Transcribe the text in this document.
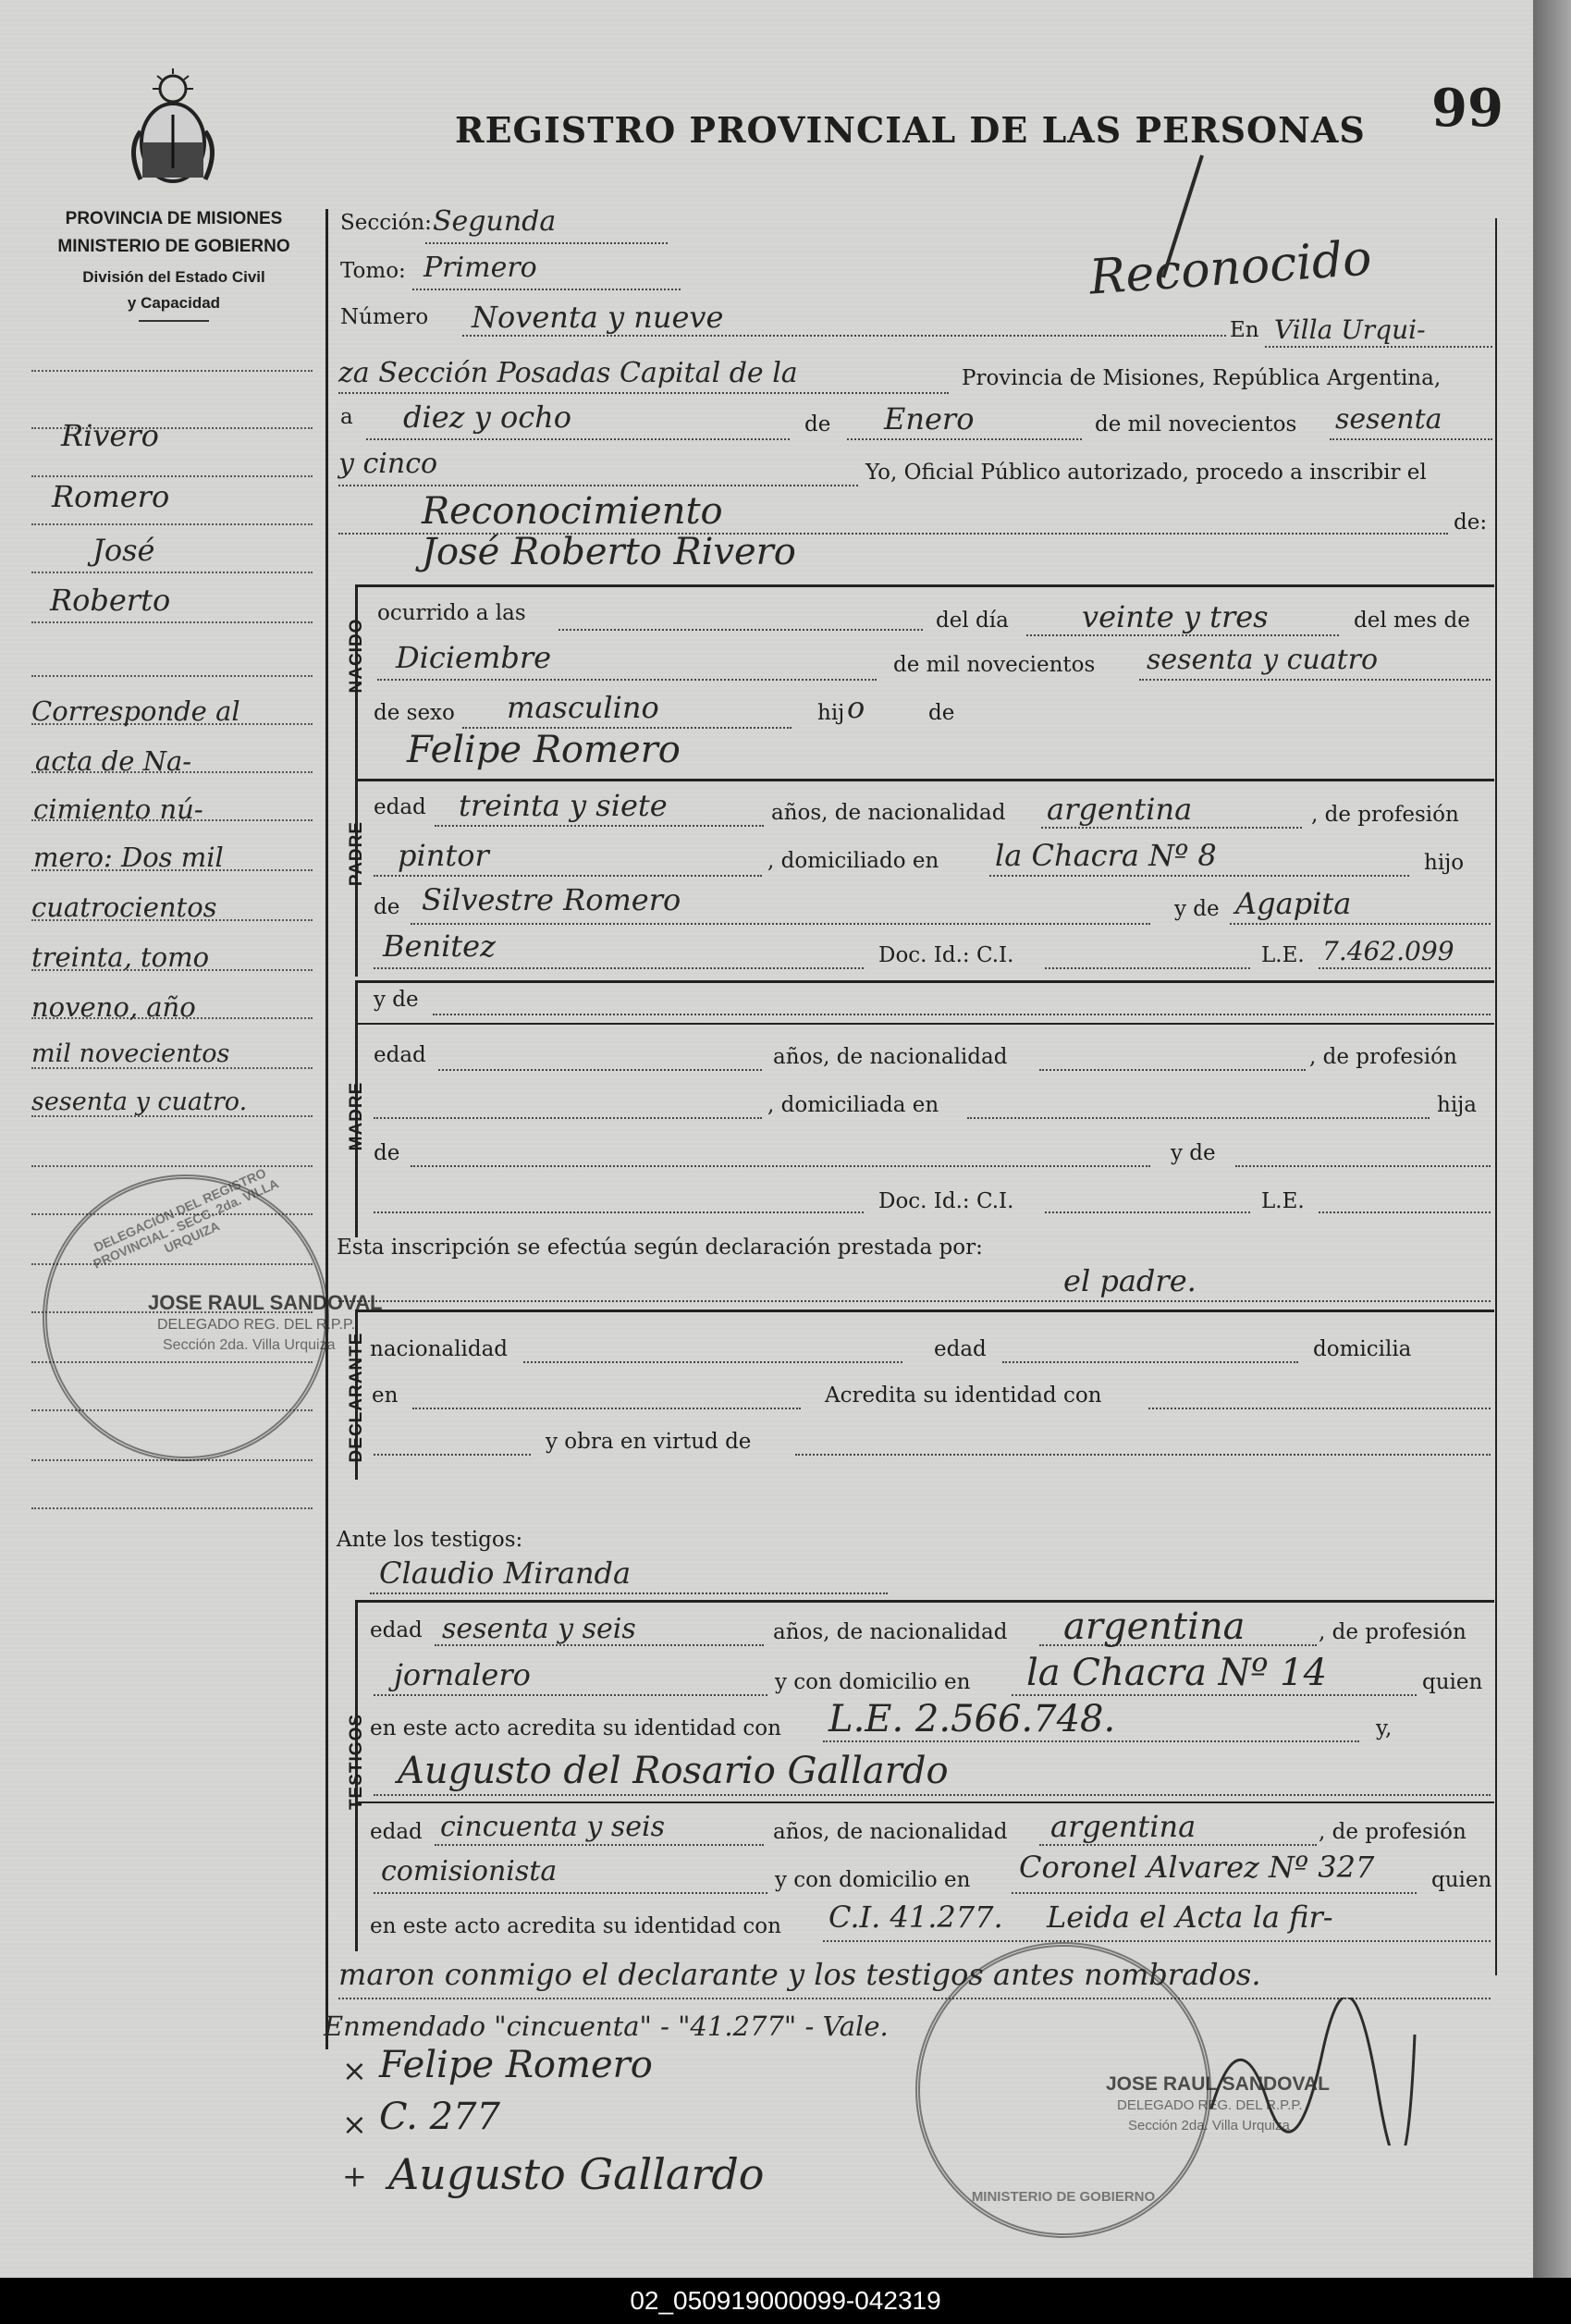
REGISTRO PROVINCIAL DE LAS PERSONAS 99
PROVINCIA DE MISIONES
MINISTERIO DE GOBIERNO
División del Estado Civil
y Capacidad
Rivero
Romero
José
Roberto
Corresponde al
acta de Na-
cimiento nú-
mero: Dos mil
cuatrocientos
treinta, tomo
noveno, año
mil novecientos
sesenta y cuatro.
Sección: Segunda
Tomo: Primero	Reconocido
Número Noventa y nueve	En Villa Urqui-
za Sección Posadas Capital de la	Provincia de Misiones, República Argentina,
a diez y ocho	de Enero	de mil novecientos sesenta
y cinco	Yo, Oficial Público autorizado, procedo a inscribir el
Reconocimiento	de:
NACIDO
José Roberto Rivero
ocurrido a las	del día veinte y tres	del mes de
Diciembre	de mil novecientos sesenta y cuatro
de sexo masculino	hij o	de
PADRE
Felipe Romero
edad treinta y siete	años, de nacionalidad argentina	, de profesión
pintor	, domiciliado en la Chacra Nº 8	hijo
de Silvestre Romero	y de Agapita
Benitez	Doc. Id.: C.I.	L.E. 7.462.099
MADRE
y de
edad	años, de nacionalidad	, de profesión
, domiciliada en	hija
de	y de
Doc. Id.: C.I.	L.E.
Esta inscripción se efectúa según declaración prestada por:
el padre.
DECLARANTE nacionalidad	edad	domicilia
en	Acredita su identidad con
y obra en virtud de
Ante los testigos:
Claudio Miranda
TESTIGOS
edad sesenta y seis	años, de nacionalidad argentina	, de profesión
jornalero	y con domicilio en la Chacra Nº 14	quien
en este acto acredita su identidad con L.E. 2.566.748.	y,
Augusto del Rosario Gallardo
edad cincuenta y seis	años, de nacionalidad argentina	, de profesión
comisionista	y con domicilio en Coronel Alvarez Nº 327	quien
en este acto acredita su identidad con C.I. 41.277. Leida el Acta la fir-
maron conmigo el declarante y los testigos antes nombrados.
Enmendado "cincuenta" - "41.277" - Vale.
× Felipe Romero
× C. 277
+ Augusto Gallardo
DELEGACION DEL REGISTRO PROVINCIAL - SECC. 2da. VILLA URQUIZA
JOSE RAUL SANDOVAL
DELEGADO REG. DEL R.P.P.
Sección 2da. Villa Urquiza
MINISTERIO DE GOBIERNO
JOSE RAUL SANDOVAL
DELEGADO REG. DEL R.P.P.
Sección 2da. Villa Urquiza
02_050919000099-042319
